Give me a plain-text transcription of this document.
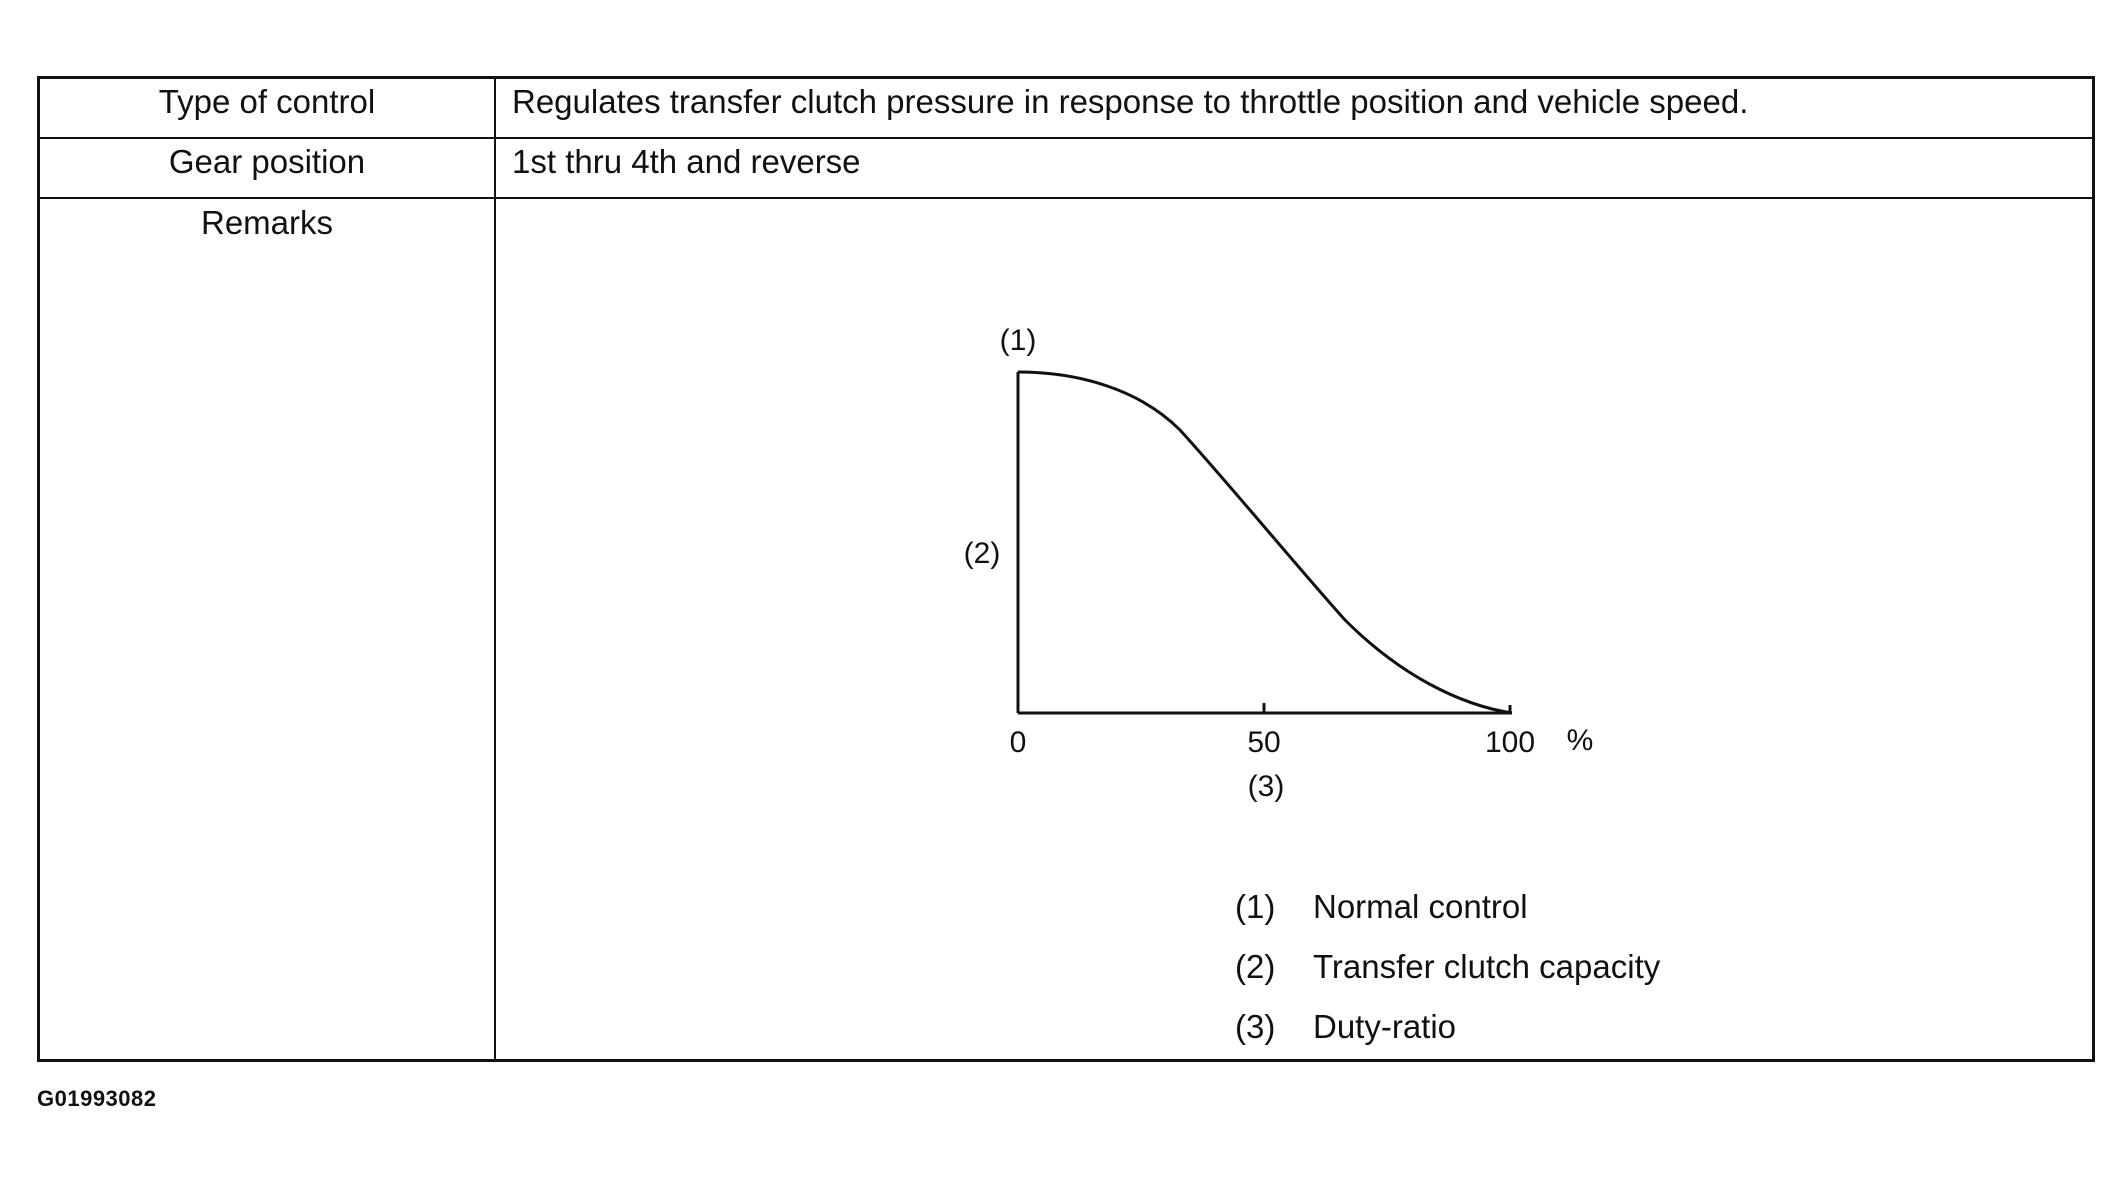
Type of control	Regulates transfer clutch pressure in response to throttle position and vehicle speed.
Gear position	1st thru 4th and reverse
Remarks
(1)
(2)
0	50	100 %
(3)
(1) Normal control
(2) Transfer clutch capacity
(3) Duty-ratio
G01993082
